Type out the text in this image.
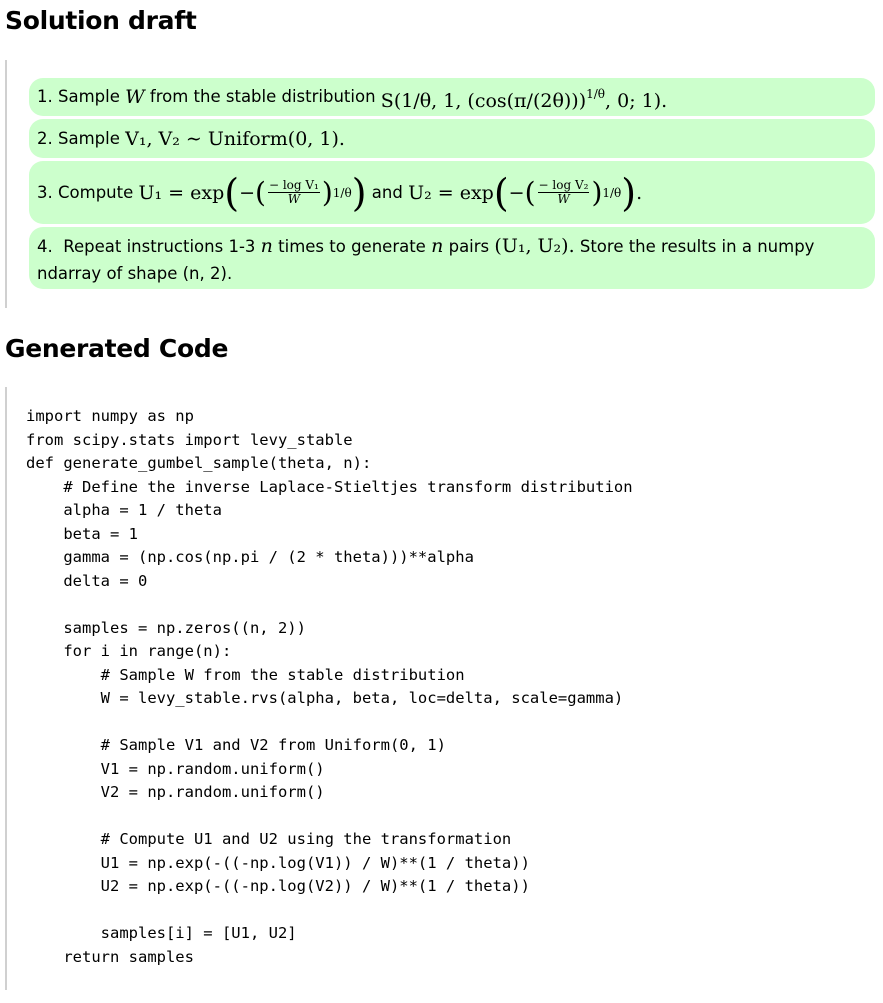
Solution draft
1.
Sample
W
from the stable distribution
S(1/θ, 1, $(\cos(\pi/(2\theta)))^{1/\theta}$, 0; 1).
2.
Sample
V₁, V₂ ∼ Uniform(0, 1).
3.
Compute
U₁ = exp ( − ( $\frac{\text{− log V₁}}{W}$ ) 1/θ )
and
U₂ = exp ( − ( $\frac{\text{− log V₂}}{W}$ ) 1/θ ) .
4. Repeat instructions 1-3 n times to generate n pairs (U₁, U₂). Store the results in a numpy ndarray of shape (n, 2).
Generated Code
import numpy as np
from scipy.stats import levy_stable
def generate_gumbel_sample(theta, n):
# Define the inverse Laplace-Stieltjes transform distribution
alpha = 1 / theta
beta = 1
gamma = (np.cos(np.pi / (2 * theta)))**alpha
delta = 0

samples = np.zeros((n, 2))
for i in range(n):
# Sample W from the stable distribution
W = levy_stable.rvs(alpha, beta, loc=delta, scale=gamma)

# Sample V1 and V2 from Uniform(0, 1)
V1 = np.random.uniform()
V2 = np.random.uniform()

# Compute U1 and U2 using the transformation
U1 = np.exp(-((-np.log(V1)) / W)**(1 / theta))
U2 = np.exp(-((-np.log(V2)) / W)**(1 / theta))

samples[i] = [U1, U2]
return samples
